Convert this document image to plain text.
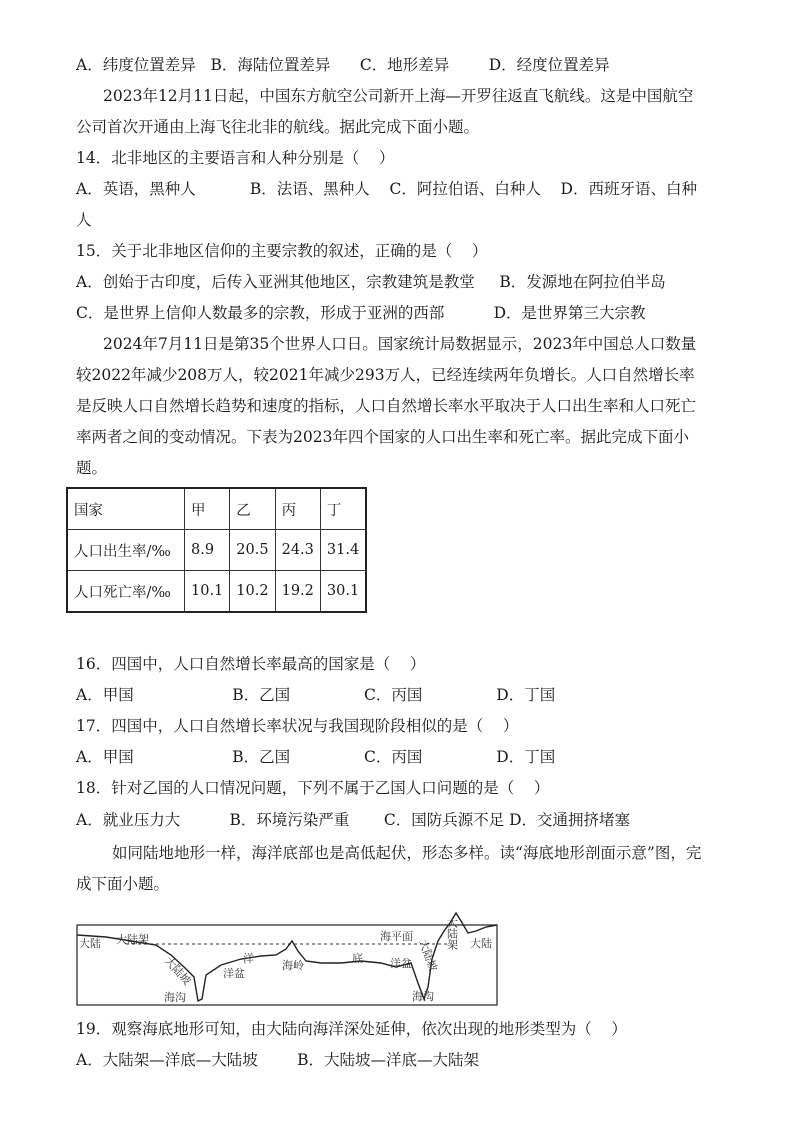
A．纬度位置差异   B．海陆位置差异      C．地形差异        D．经度位置差异
2023年12月11日起，中国东方航空公司新开上海—开罗往返直飞航线。这是中国航空
公司首次开通由上海飞往北非的航线。据此完成下面小题。
14．北非地区的主要语言和人种分别是（    ）
A．英语，黑种人           B．法语、黑种人    C．阿拉伯语、白种人    D．西班牙语、白种
人
15．关于北非地区信仰的主要宗教的叙述，正确的是（    ）
A．创始于古印度，后传入亚洲其他地区，宗教建筑是教堂     B．发源地在阿拉伯半岛
C．是世界上信仰人数最多的宗教，形成于亚洲的西部          D．是世界第三大宗教
2024年7月11日是第35个世界人口日。国家统计局数据显示，2023年中国总人口数量
较2022年减少208万人，较2021年减少293万人，已经连续两年负增长。人口自然增长率
是反映人口自然增长趋势和速度的指标，人口自然增长率水平取决于人口出生率和人口死亡
率两者之间的变动情况。下表为2023年四个国家的人口出生率和死亡率。据此完成下面小
题。
国家	甲	乙	丙	丁
人口出生率/‰	8.9	20.5	24.3	31.4
人口死亡率/‰	10.1	10.2	19.2	30.1
16．四国中，人口自然增长率最高的国家是（    ）
A．甲国                    B．乙国               C．丙国               D．丁国
17．四国中，人口自然增长率状况与我国现阶段相似的是（    ）
A．甲国                    B．乙国               C．丙国               D．丁国
18．针对乙国的人口情况问题，下列不属于乙国人口问题的是（    ）
A．就业压力大          B．环境污染严重       C．国防兵源不足 D．交通拥挤堵塞
如同陆地地形一样，海洋底部也是高低起伏，形态多样。读“海底地形剖面示意”图，完
成下面小题。
大陆 大陆架
大陆坡
海沟
洋盆
洋
海岭
底
海平面
洋盆 大陆坡
海沟
大陆架 大陆
19．观察海底地形可知，由大陆向海洋深处延伸，依次出现的地形类型为（    ）
A．大陆架—洋底—大陆坡        B．大陆坡—洋底—大陆架
